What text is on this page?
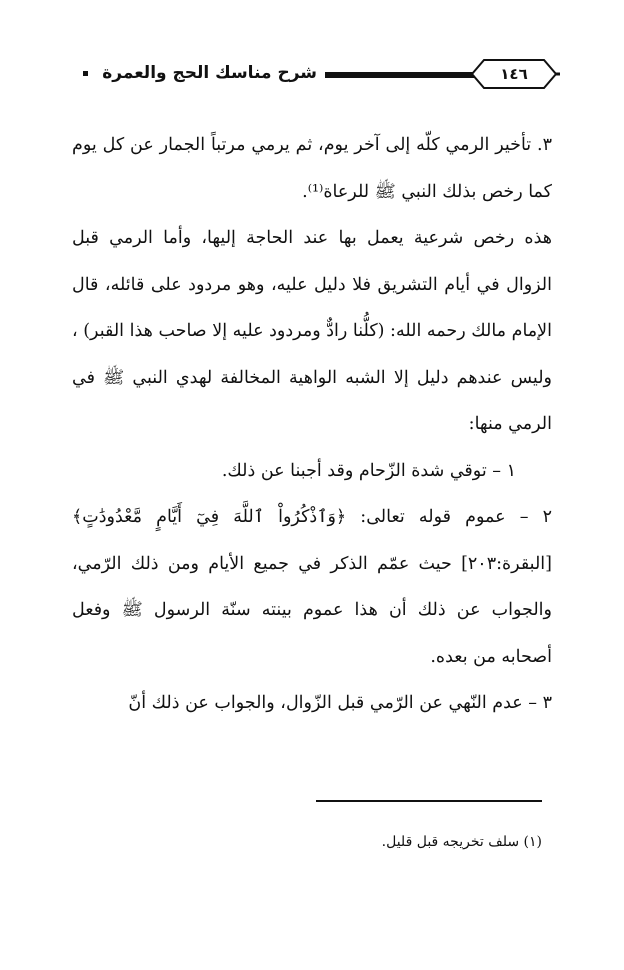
شرح مناسك الحج والعمرة	١٤٦

٣. تأخير الرمي كلّه إلى آخر يوم، ثم يرمي مرتباً الجمار عن كل يوم كما رخص بذلك النبي ﷺ للرعاة⁽¹⁾.

هذه رخص شرعية يعمل بها عند الحاجة إليها، وأما الرمي قبل الزوال في أيام التشريق فلا دليل عليه، وهو مردود على قائله، قال الإمام مالك رحمه الله: (كلُّنا رادٌّ ومردود عليه إلا صاحب هذا القبر) ، وليس عندهم دليل إلا الشبه الواهية المخالفة لهدي النبي ﷺ في الرمي منها:

١ – توقي شدة الزّحام وقد أجبنا عن ذلك.

٢ – عموم قوله تعالى: ﴿وَٱذْكُرُواْ ٱللَّهَ فِيٓ أَيَّامٍ مَّعْدُودَٰتٍ﴾ [البقرة:٢٠٣] حيث عمّم الذكر في جميع الأيام ومن ذلك الرّمي، والجواب عن ذلك أن هذا عموم بينته سنّة الرسول ﷺ وفعل أصحابه من بعده.

٣ – عدم النّهي عن الرّمي قبل الزّوال، والجواب عن ذلك أنّ

(١) سلف تخريجه قبل قليل.
